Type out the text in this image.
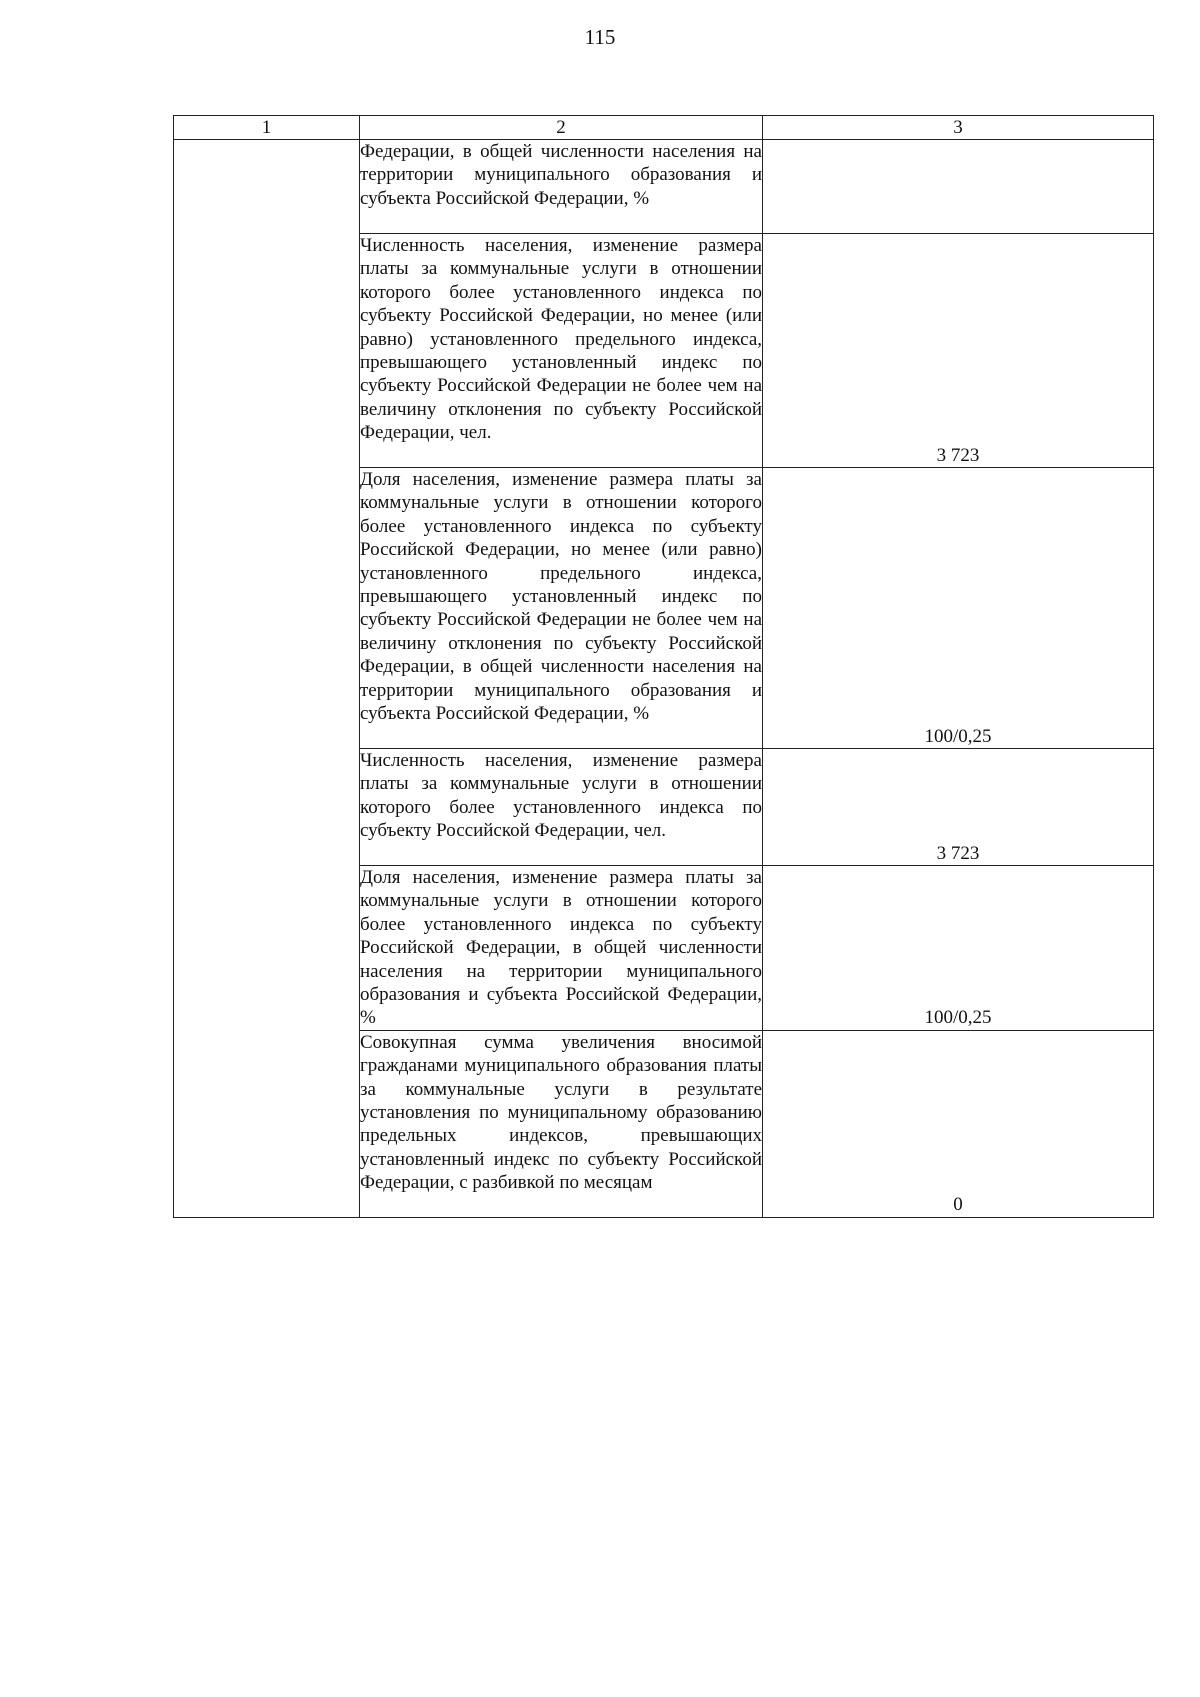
115
1	2	3
	Федерации, в общей численности населения на территории муниципального образования и субъекта Российской Федерации, %	
	Численность населения, изменение размера платы за коммунальные услуги в отношении которого более установленного индекса по субъекту Российской Федерации, но менее (или равно) установленного предельного индекса, превышающего установленный индекс по субъекту Российской Федерации не более чем на величину отклонения по субъекту Российской Федерации, чел.	3 723
	Доля населения, изменение размера платы за коммунальные услуги в отношении которого более установленного индекса по субъекту Российской Федерации, но менее (или равно) установленного предельного индекса, превышающего установленный индекс по субъекту Российской Федерации не более чем на величину отклонения по субъекту Российской Федерации, в общей численности населения на территории муниципального образования и субъекта Российской Федерации, %	100/0,25
	Численность населения, изменение размера платы за коммунальные услуги в отношении которого более установленного индекса по субъекту Российской Федерации, чел.	3 723
	Доля населения, изменение размера платы за коммунальные услуги в отношении которого более установленного индекса по субъекту Российской Федерации, в общей численности населения на территории муниципального образования и субъекта Российской Федерации, %	100/0,25
	Совокупная сумма увеличения вносимой гражданами муниципального образования платы за коммунальные услуги в результате установления по муниципальному образованию предельных индексов, превышающих установленный индекс по субъекту Российской Федерации, с разбивкой по месяцам	0
